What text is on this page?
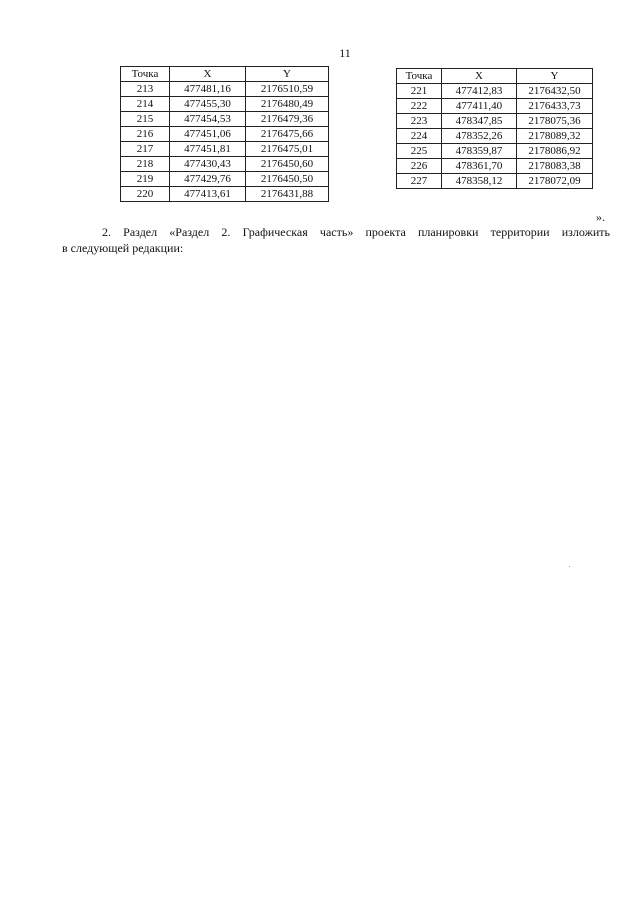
11
Точка	X	Y
213	477481,16	2176510,59
214	477455,30	2176480,49
215	477454,53	2176479,36
216	477451,06	2176475,66
217	477451,81	2176475,01
218	477430,43	2176450,60
219	477429,76	2176450,50
220	477413,61	2176431,88
Точка	X	Y
221	477412,83	2176432,50
222	477411,40	2176433,73
223	478347,85	2178075,36
224	478352,26	2178089,32
225	478359,87	2178086,92
226	478361,70	2178083,38
227	478358,12	2178072,09
».
2. Раздел «Раздел 2. Графическая часть» проекта планировки территории изложить
в следующей редакции:
